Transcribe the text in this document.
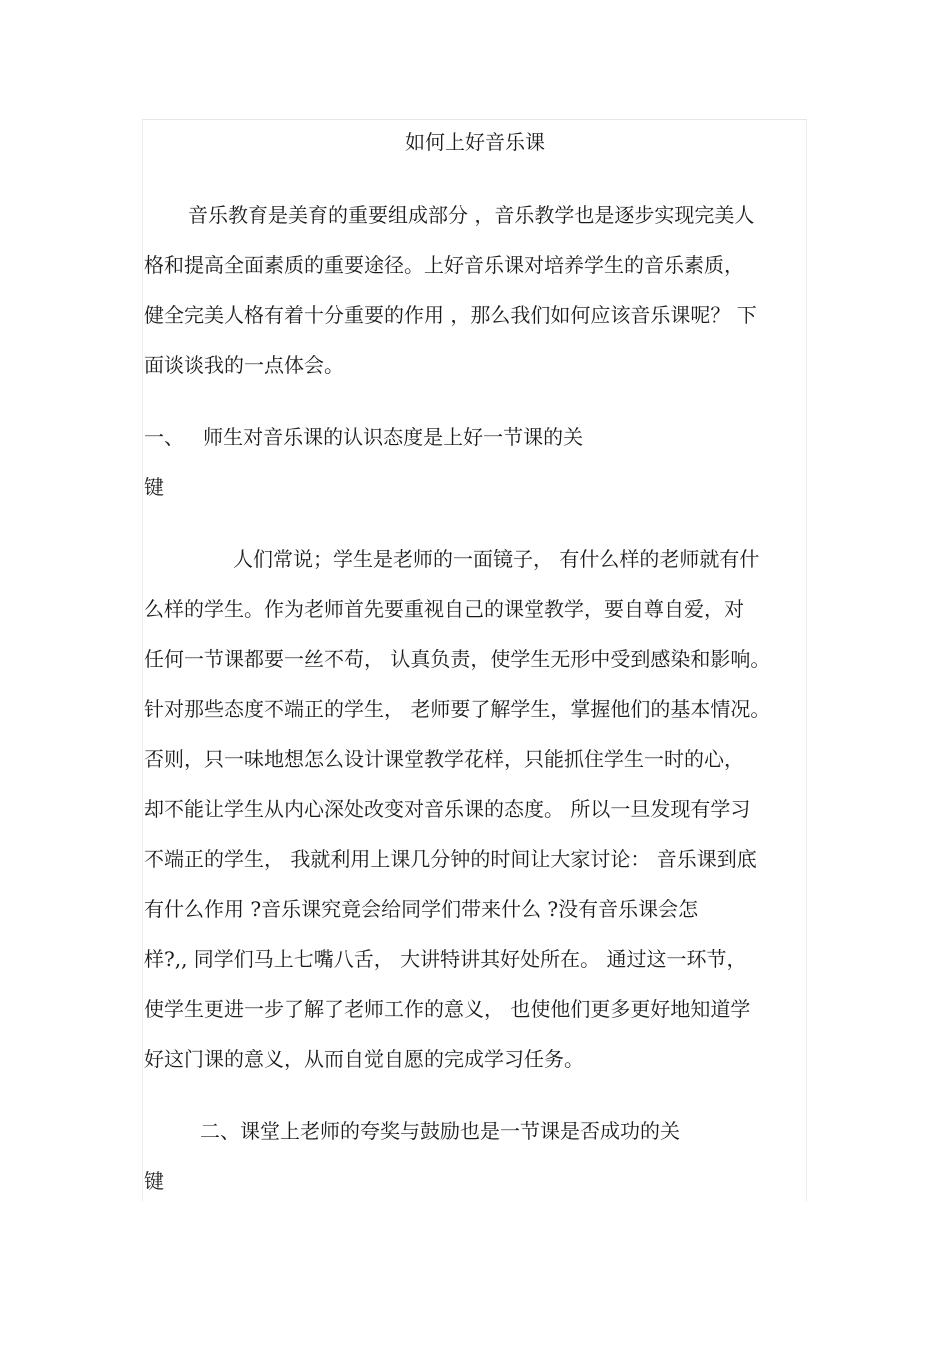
如何上好音乐课
音乐教育是美育的重要组成部分 ，音乐教学也是逐步实现完美人
格和提高全面素质的重要途径。上好音乐课对培养学生的音乐素质，
健全完美人格有着十分重要的作用 ，那么我们如何应该音乐课呢？ 下
面谈谈我的一点体会。
一、   师生对音乐课的认识态度是上好一节课的关
键
人们常说；学生是老师的一面镜子， 有什么样的老师就有什
么样的学生。作为老师首先要重视自己的课堂教学，要自尊自爱，对
任何一节课都要一丝不苟， 认真负责，使学生无形中受到感染和影响。
针对那些态度不端正的学生， 老师要了解学生，掌握他们的基本情况。
否则，只一味地想怎么设计课堂教学花样，只能抓住学生一时的心，
却不能让学生从内心深处改变对音乐课的态度。 所以一旦发现有学习
不端正的学生， 我就利用上课几分钟的时间让大家讨论： 音乐课到底
有什么作用 ?音乐课究竟会给同学们带来什么 ?没有音乐课会怎
样?,, 同学们马上七嘴八舌， 大讲特讲其好处所在。 通过这一环节，
使学生更进一步了解了老师工作的意义， 也使他们更多更好地知道学
好这门课的意义，从而自觉自愿的完成学习任务。
二、课堂上老师的夸奖与鼓励也是一节课是否成功的关
键
